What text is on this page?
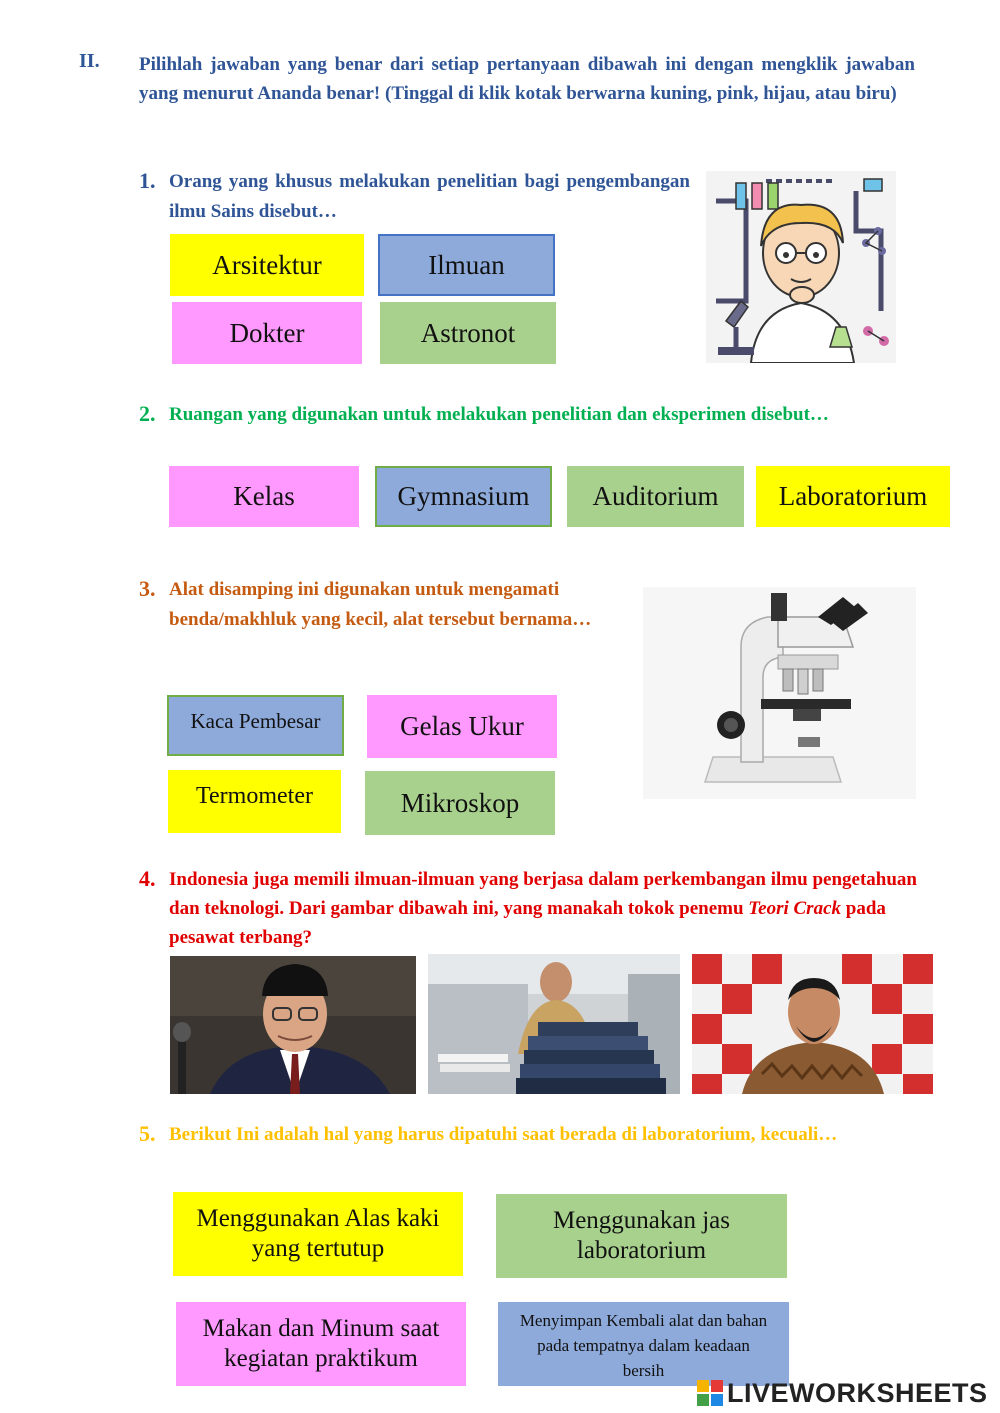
II. Pilihlah jawaban yang benar dari setiap pertanyaan dibawah ini dengan mengklik jawaban yang menurut Ananda benar! (Tinggal di klik kotak berwarna kuning, pink, hijau, atau biru)
1. Orang yang khusus melakukan penelitian bagi pengembangan ilmu Sains disebut…
Arsitektur	Ilmuan
Dokter	Astronot
2. Ruangan yang digunakan untuk melakukan penelitian dan eksperimen disebut…
Kelas	Gymnasium	Auditorium	Laboratorium
3. Alat disamping ini digunakan untuk mengamati benda/makhluk yang kecil, alat tersebut bernama…
Kaca Pembesar	Gelas Ukur
Termometer	Mikroskop
4. Indonesia juga memili ilmuan-ilmuan yang berjasa dalam perkembangan ilmu pengetahuan dan teknologi. Dari gambar dibawah ini, yang manakah tokok penemu Teori Crack pada pesawat terbang?
5. Berikut Ini adalah hal yang harus dipatuhi saat berada di laboratorium, kecuali…
Menggunakan Alas kaki yang tertutup
Menggunakan jas laboratorium
Makan dan Minum saat kegiatan praktikum
Menyimpan Kembali alat dan bahan pada tempatnya dalam keadaan bersih
LIVEWORKSHEETS
